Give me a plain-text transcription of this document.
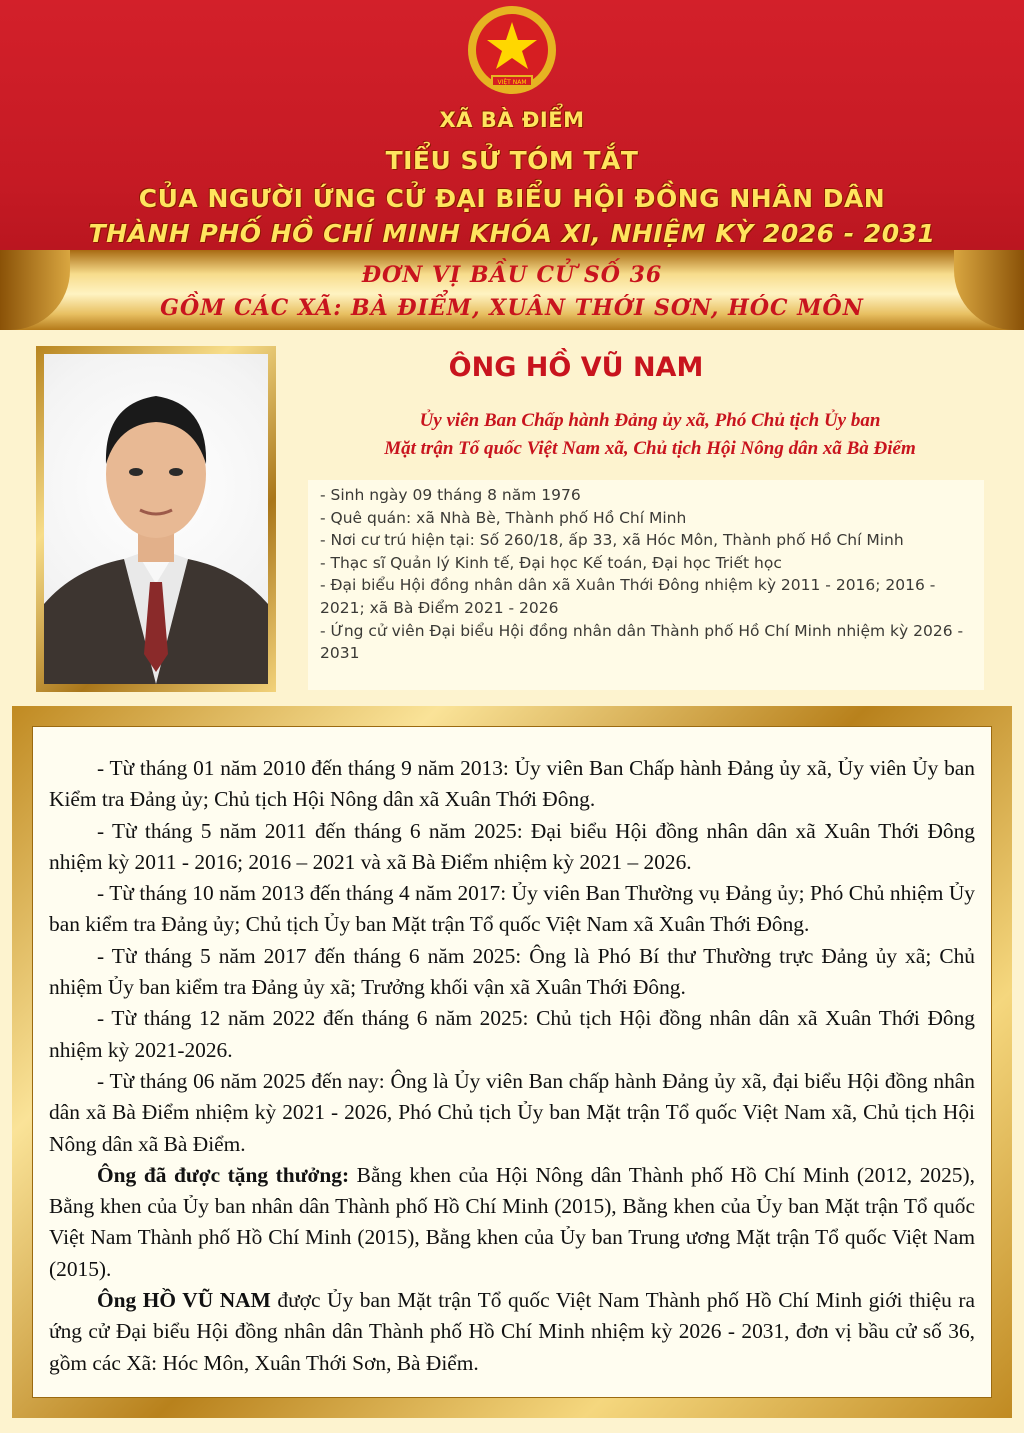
VIỆT NAM
XÃ BÀ ĐIỂM
TIỂU SỬ TÓM TẮT
CỦA NGƯỜI ỨNG CỬ ĐẠI BIỂU HỘI ĐỒNG NHÂN DÂN
THÀNH PHỐ HỒ CHÍ MINH KHÓA XI, NHIỆM KỲ 2026 - 2031
ĐƠN VỊ BẦU CỬ SỐ 36
GỒM CÁC XÃ: BÀ ĐIỂM, XUÂN THỚI SƠN, HÓC MÔN
ÔNG HỒ VŨ NAM
Ủy viên Ban Chấp hành Đảng ủy xã, Phó Chủ tịch Ủy ban
Mặt trận Tổ quốc Việt Nam xã, Chủ tịch Hội Nông dân xã Bà Điểm
- Sinh ngày 09 tháng 8 năm 1976
- Quê quán: xã Nhà Bè, Thành phố Hồ Chí Minh
- Nơi cư trú hiện tại: Số 260/18, ấp 33, xã Hóc Môn, Thành phố Hồ Chí Minh
- Thạc sĩ Quản lý Kinh tế, Đại học Kế toán, Đại học Triết học
- Đại biểu Hội đồng nhân dân xã Xuân Thới Đông nhiệm kỳ 2011 - 2016; 2016 - 2021; xã Bà Điểm 2021 - 2026
- Ứng cử viên Đại biểu Hội đồng nhân dân Thành phố Hồ Chí Minh nhiệm kỳ 2026 - 2031

- Từ tháng 01 năm 2010 đến tháng 9 năm 2013: Ủy viên Ban Chấp hành Đảng ủy xã, Ủy viên Ủy ban Kiểm tra Đảng ủy; Chủ tịch Hội Nông dân xã Xuân Thới Đông.

- Từ tháng 5 năm 2011 đến tháng 6 năm 2025: Đại biểu Hội đồng nhân dân xã Xuân Thới Đông nhiệm kỳ 2011 - 2016; 2016 – 2021 và xã Bà Điểm nhiệm kỳ 2021 – 2026.

- Từ tháng 10 năm 2013 đến tháng 4 năm 2017: Ủy viên Ban Thường vụ Đảng ủy; Phó Chủ nhiệm Ủy ban kiểm tra Đảng ủy; Chủ tịch Ủy ban Mặt trận Tổ quốc Việt Nam xã Xuân Thới Đông.

- Từ tháng 5 năm 2017 đến tháng 6 năm 2025: Ông là Phó Bí thư Thường trực Đảng ủy xã; Chủ nhiệm Ủy ban kiểm tra Đảng ủy xã; Trưởng khối vận xã Xuân Thới Đông.

- Từ tháng 12 năm 2022 đến tháng 6 năm 2025: Chủ tịch Hội đồng nhân dân xã Xuân Thới Đông nhiệm kỳ 2021-2026.

- Từ tháng 06 năm 2025 đến nay: Ông là Ủy viên Ban chấp hành Đảng ủy xã, đại biểu Hội đồng nhân dân xã Bà Điểm nhiệm kỳ 2021 - 2026, Phó Chủ tịch Ủy ban Mặt trận Tổ quốc Việt Nam xã, Chủ tịch Hội Nông dân xã Bà Điểm.

Ông đã được tặng thưởng: Bằng khen của Hội Nông dân Thành phố Hồ Chí Minh (2012, 2025), Bằng khen của Ủy ban nhân dân Thành phố Hồ Chí Minh (2015), Bằng khen của Ủy ban Mặt trận Tổ quốc Việt Nam Thành phố Hồ Chí Minh (2015), Bằng khen của Ủy ban Trung ương Mặt trận Tổ quốc Việt Nam (2015).

Ông HỒ VŨ NAM được Ủy ban Mặt trận Tổ quốc Việt Nam Thành phố Hồ Chí Minh giới thiệu ra ứng cử Đại biểu Hội đồng nhân dân Thành phố Hồ Chí Minh nhiệm kỳ 2026 - 2031, đơn vị bầu cử số 36, gồm các Xã: Hóc Môn, Xuân Thới Sơn, Bà Điểm.
